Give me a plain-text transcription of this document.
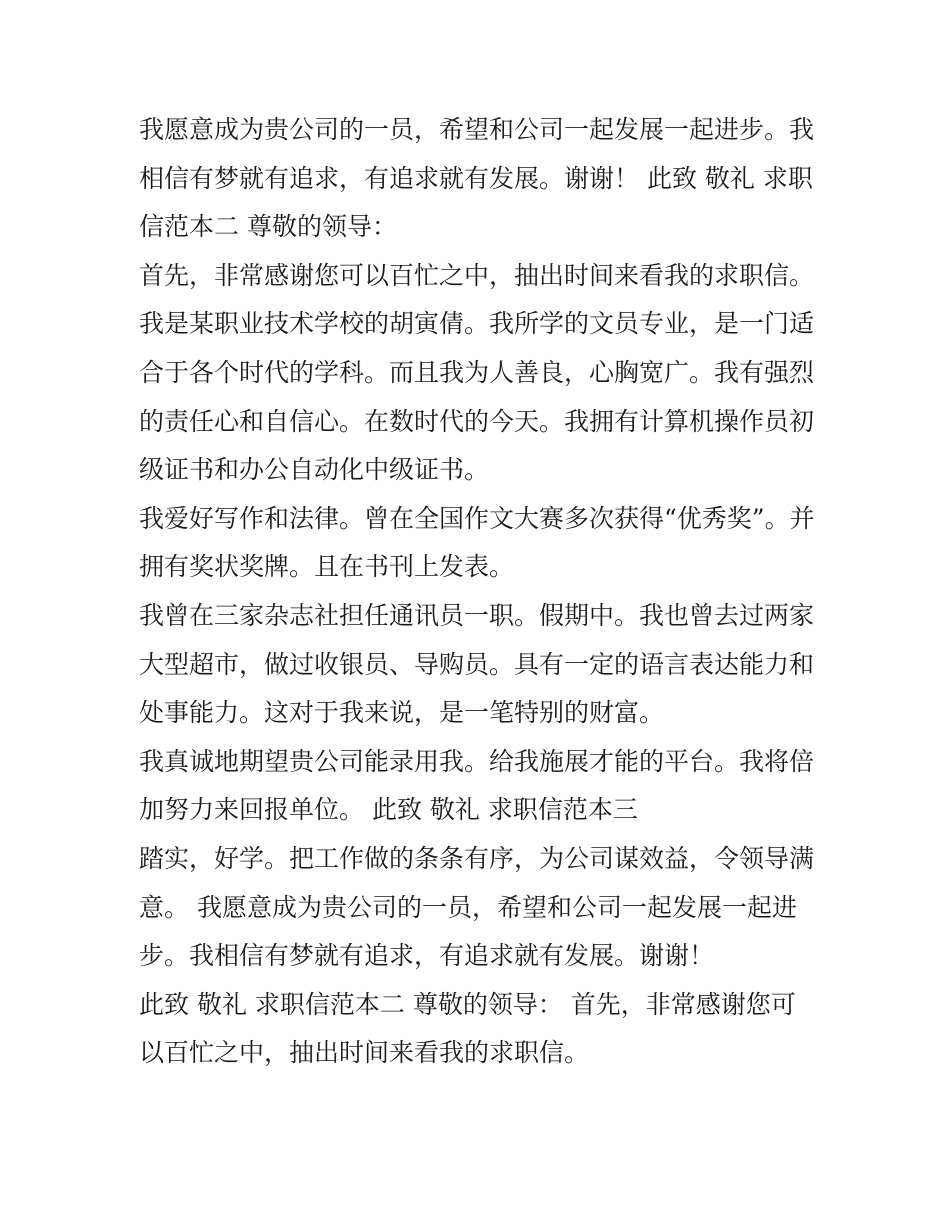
我愿意成为贵公司的一员，希望和公司一起发展一起进步。我
相信有梦就有追求，有追求就有发展。谢谢！ 此致 敬礼 求职
信范本二 尊敬的领导：
首先，非常感谢您可以百忙之中，抽出时间来看我的求职信。
我是某职业技术学校的胡寅倩。我所学的文员专业，是一门适
合于各个时代的学科。而且我为人善良，心胸宽广。我有强烈
的责任心和自信心。在数时代的今天。我拥有计算机操作员初
级证书和办公自动化中级证书。
我爱好写作和法律。曾在全国作文大赛多次获得“优秀奖”。并
拥有奖状奖牌。且在书刊上发表。
我曾在三家杂志社担任通讯员一职。假期中。我也曾去过两家
大型超市，做过收银员、导购员。具有一定的语言表达能力和
处事能力。这对于我来说，是一笔特别的财富。
我真诚地期望贵公司能录用我。给我施展才能的平台。我将倍
加努力来回报单位。 此致 敬礼 求职信范本三
踏实，好学。把工作做的条条有序，为公司谋效益，令领导满
意。 我愿意成为贵公司的一员，希望和公司一起发展一起进
步。我相信有梦就有追求，有追求就有发展。谢谢！
此致 敬礼 求职信范本二 尊敬的领导： 首先，非常感谢您可
以百忙之中，抽出时间来看我的求职信。
